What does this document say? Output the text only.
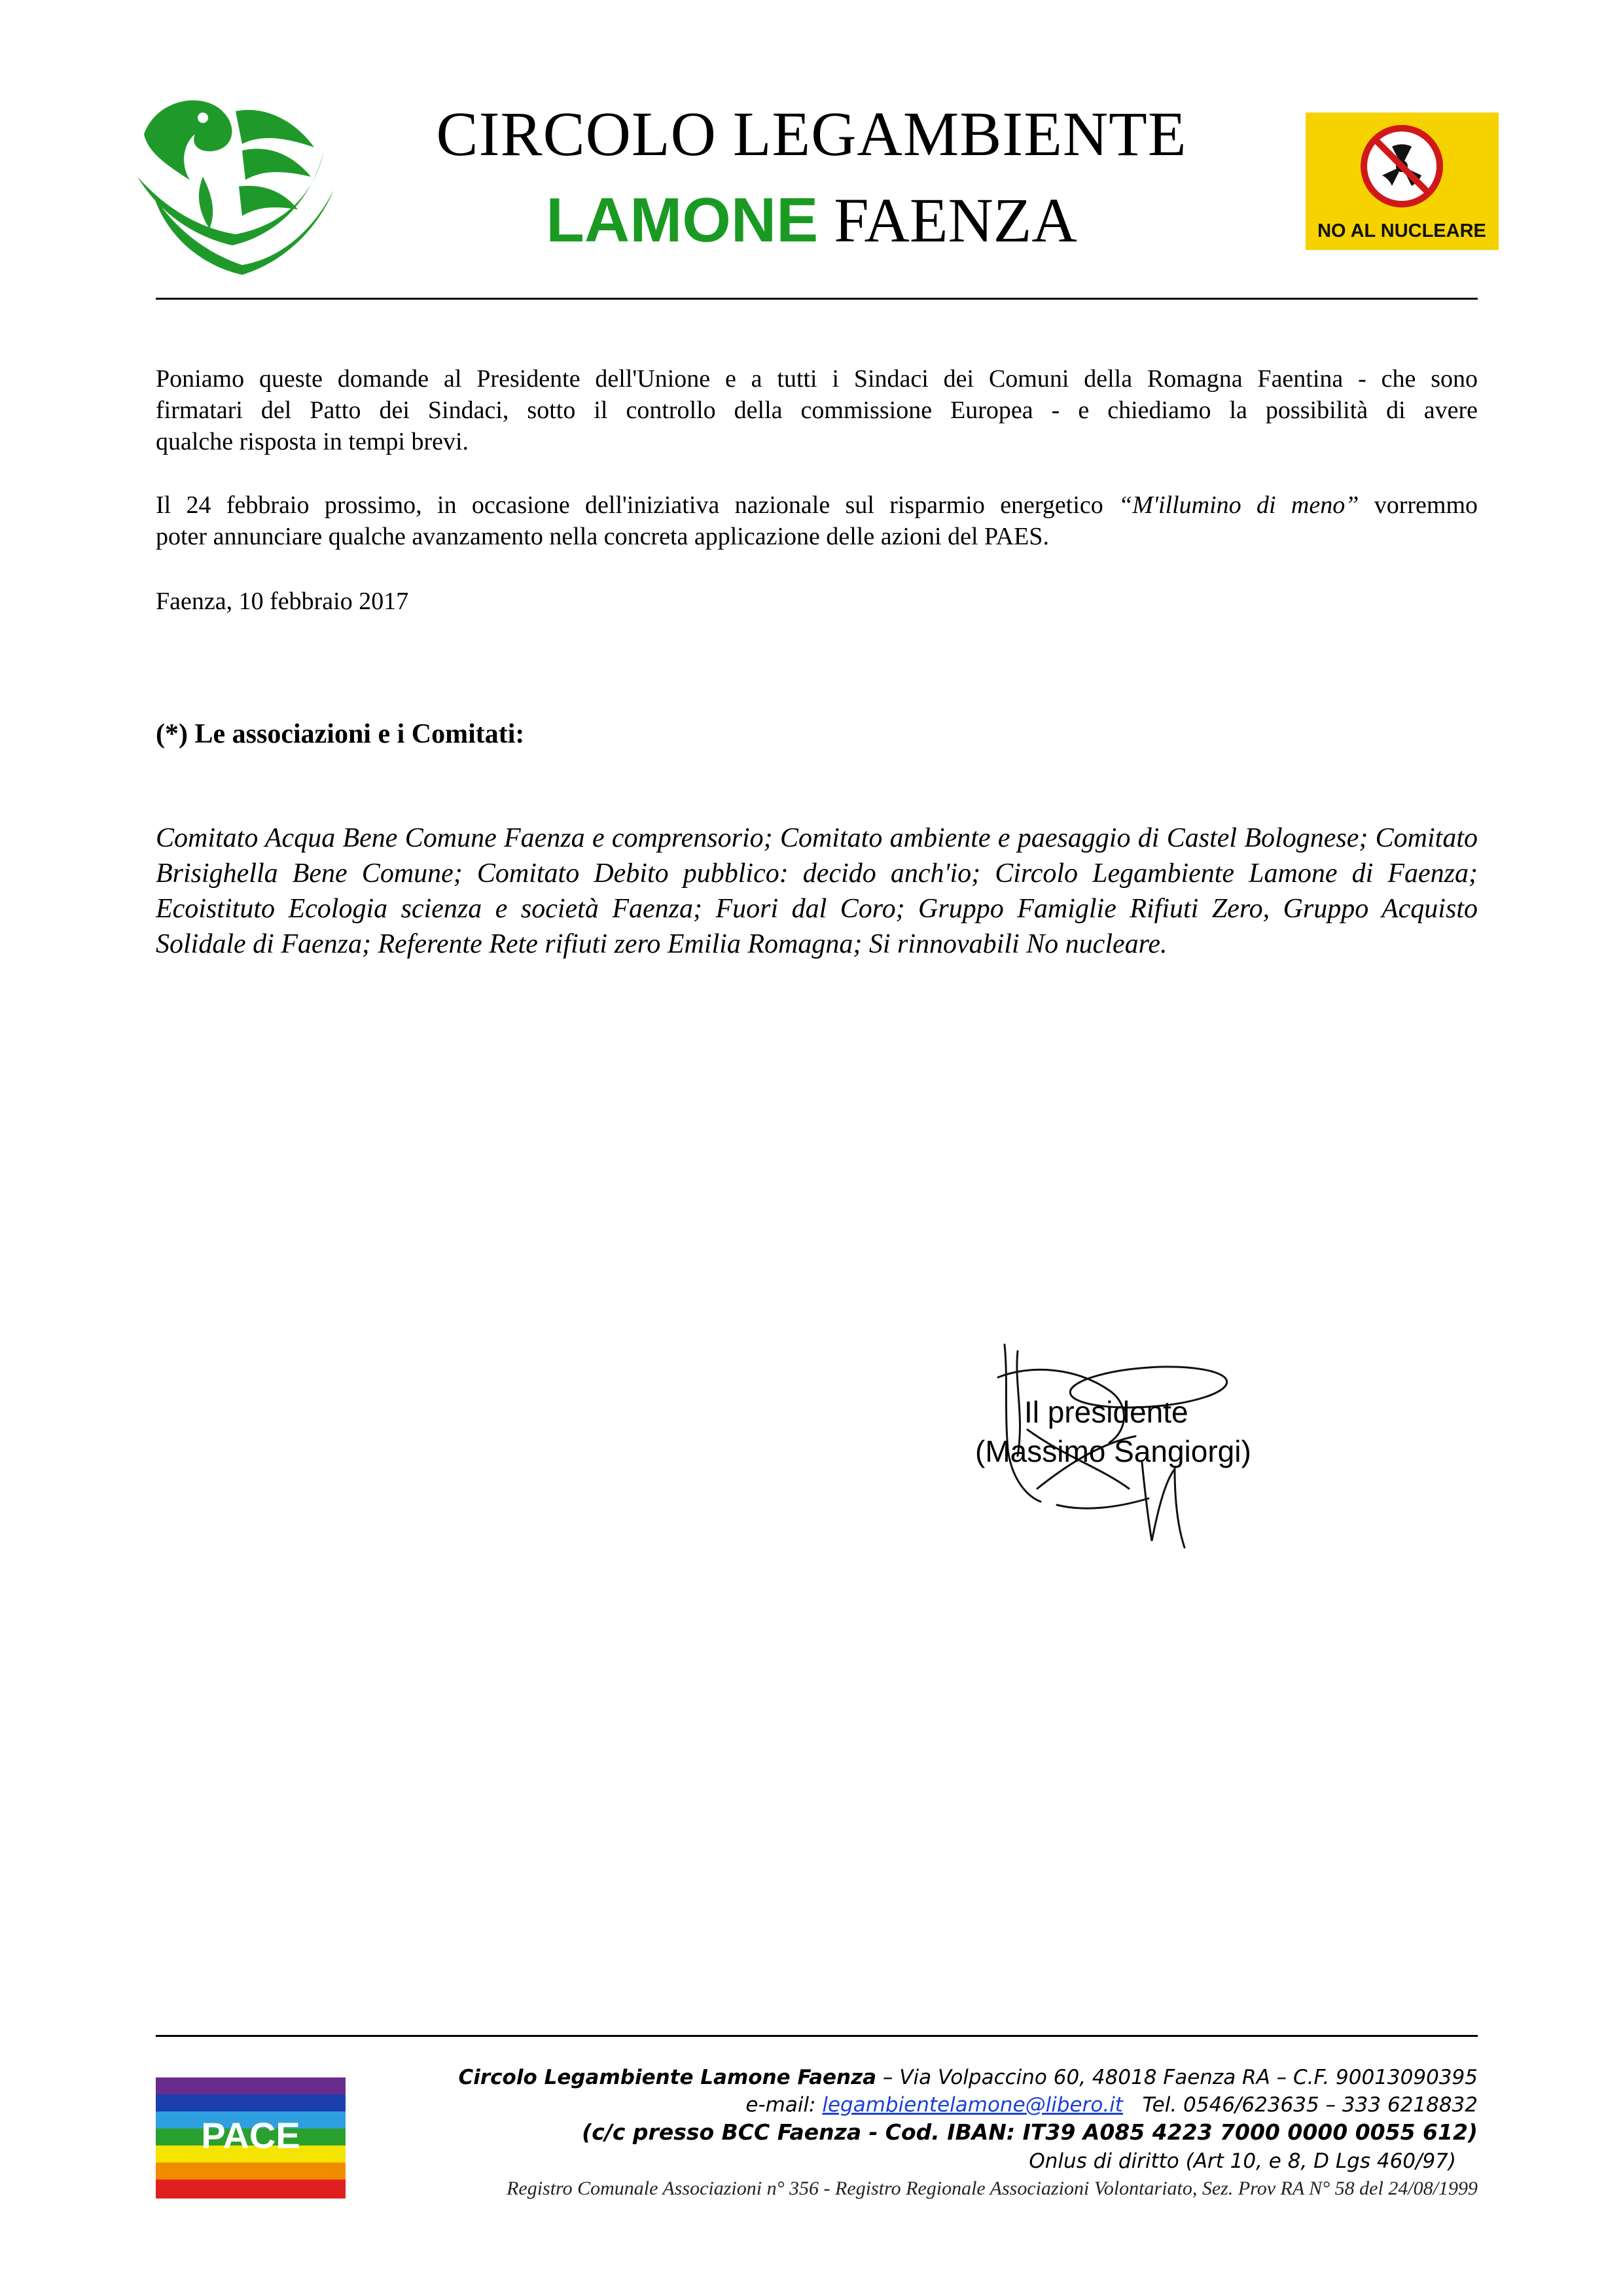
CIRCOLO LEGAMBIENTE
LAMONE FAENZA	NO AL NUCLEARE
Poniamo queste domande al Presidente dell'Unione e a tutti i Sindaci dei Comuni della Romagna Faentina - che sono
firmatari del Patto dei Sindaci, sotto il controllo della commissione Europea - e chiediamo la possibilità di avere
qualche risposta in tempi brevi.
Il 24 febbraio prossimo, in occasione dell'iniziativa nazionale sul risparmio energetico “M'illumino di meno” vorremmo
poter annunciare qualche avanzamento nella concreta applicazione delle azioni del PAES.
Faenza, 10 febbraio 2017
(*) Le associazioni e i Comitati:
Comitato Acqua Bene Comune Faenza e comprensorio; Comitato ambiente e paesaggio di Castel Bolognese; Comitato Brisighella Bene Comune; Comitato Debito pubblico: decido anch'io; Circolo Legambiente Lamone di Faenza; Ecoistituto Ecologia scienza e società Faenza; Fuori dal Coro; Gruppo Famiglie Rifiuti Zero, Gruppo Acquisto Solidale di Faenza; Referente Rete rifiuti zero Emilia Romagna; Si rinnovabili No nucleare.
Il presidente
(Massimo Sangiorgi)
PACE
Circolo Legambiente Lamone Faenza – Via Volpaccino 60, 48018 Faenza RA – C.F. 90013090395
e-mail: legambientelamone@libero.it   Tel. 0546/623635 – 333 6218832
(c/c presso BCC Faenza - Cod. IBAN: IT39 A085 4223 7000 0000 0055 612)
Onlus di diritto (Art 10, e 8, D Lgs 460/97)
Registro Comunale Associazioni n° 356 - Registro Regionale Associazioni Volontariato, Sez. Prov RA N° 58 del 24/08/1999
